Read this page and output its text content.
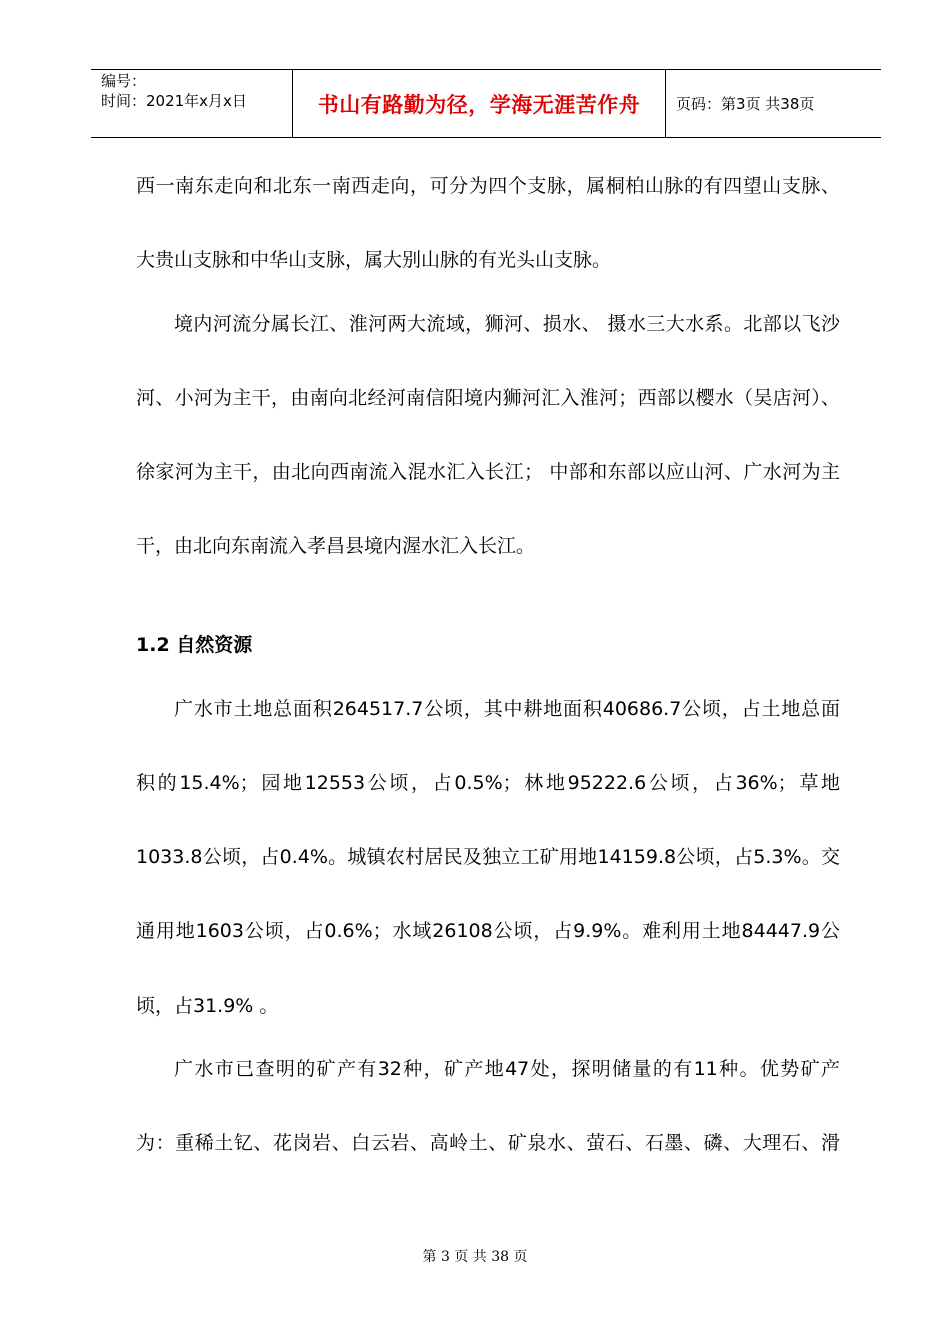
编号：
时间：2021年x月x日	书山有路勤为径，学海无涯苦作舟	页码：第3页 共38页
西一南东走向和北东一南西走向，可分为四个支脉，属桐柏山脉的有四望山支脉、
大贵山支脉和中华山支脉，属大别山脉的有光头山支脉。
境内河流分属长江、淮河两大流域，狮河、损水、 摄水三大水系。北部以飞沙
河、小河为主干，由南向北经河南信阳境内狮河汇入淮河；西部以樱水（吴店河）、
徐家河为主干，由北向西南流入混水汇入长江； 中部和东部以应山河、广水河为主
干，由北向东南流入孝昌县境内渥水汇入长江。
1.2 自然资源
广水市土地总面积264517.7公顷，其中耕地面积40686.7公顷，占土地总面
积的15.4%；园地12553公顷，占0.5%；林地95222.6公顷，占36%；草地
1033.8公顷，占0.4%。城镇农村居民及独立工矿用地14159.8公顷，占5.3%。交
通用地1603公顷，占0.6%；水域26108公顷，占9.9%。难利用土地84447.9公
顷，占31.9% 。
广水市已查明的矿产有32种，矿产地47处，探明储量的有11种。优势矿产
为：重稀土钇、花岗岩、白云岩、高岭土、矿泉水、萤石、石墨、磷、大理石、滑
第 3 页 共 38 页
